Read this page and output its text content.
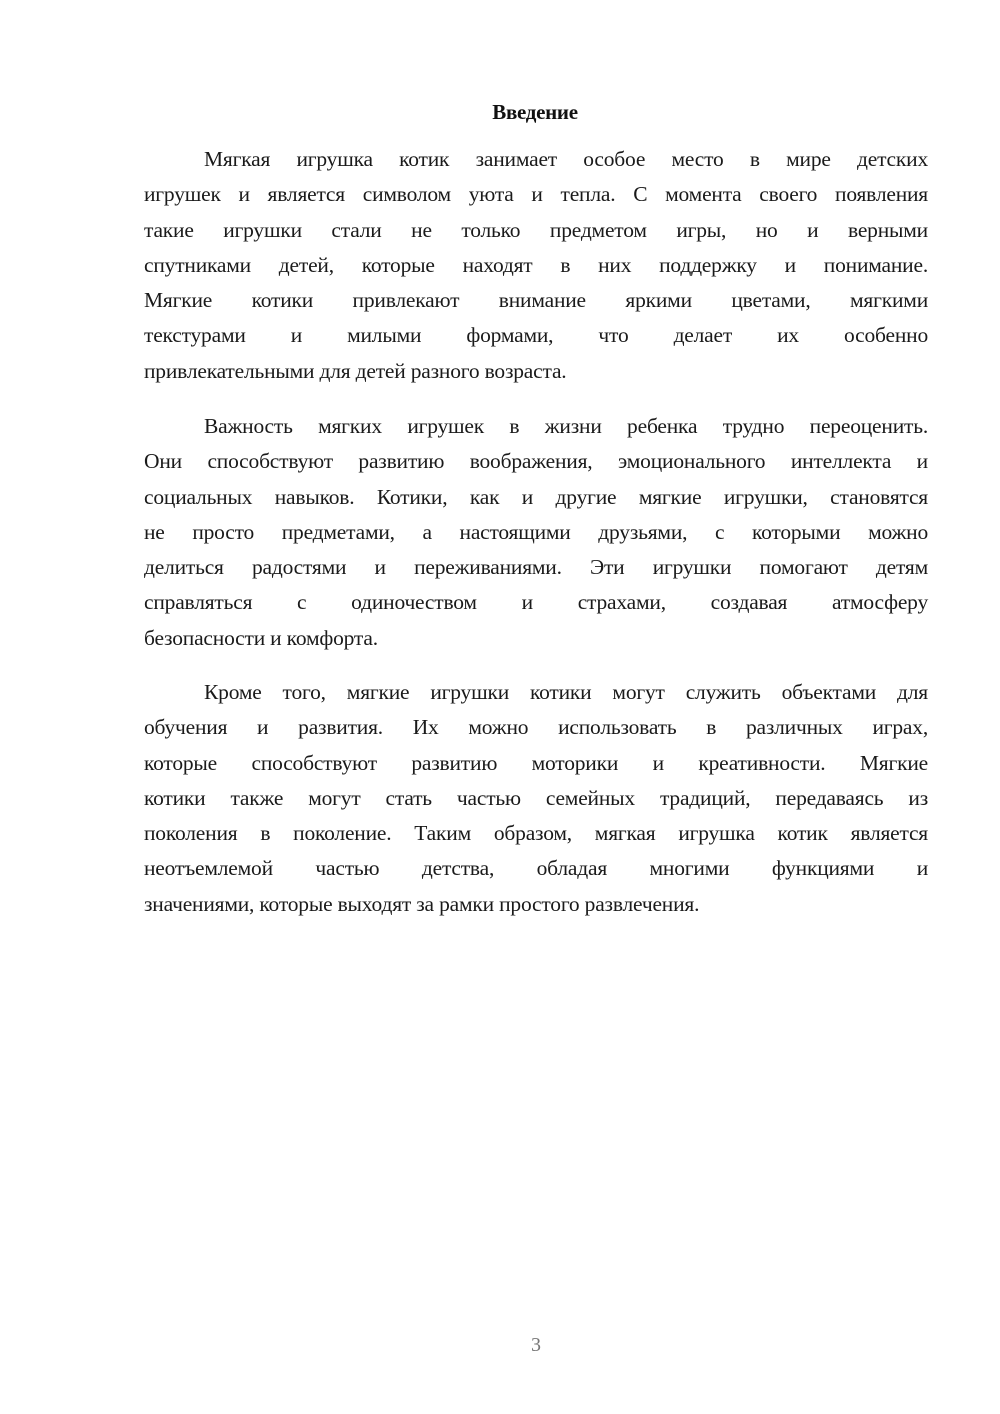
Введение
Мягкая игрушка котик занимает особое место в мире детских
игрушек и является символом уюта и тепла. С момента своего появления
такие игрушки стали не только предметом игры, но и верными
спутниками детей, которые находят в них поддержку и понимание.
Мягкие котики привлекают внимание яркими цветами, мягкими
текстурами и милыми формами, что делает их особенно
привлекательными для детей разного возраста.
Важность мягких игрушек в жизни ребенка трудно переоценить.
Они способствуют развитию воображения, эмоционального интеллекта и
социальных навыков. Котики, как и другие мягкие игрушки, становятся
не просто предметами, а настоящими друзьями, с которыми можно
делиться радостями и переживаниями. Эти игрушки помогают детям
справляться с одиночеством и страхами, создавая атмосферу
безопасности и комфорта.
Кроме того, мягкие игрушки котики могут служить объектами для
обучения и развития. Их можно использовать в различных играх,
которые способствуют развитию моторики и креативности. Мягкие
котики также могут стать частью семейных традиций, передаваясь из
поколения в поколение. Таким образом, мягкая игрушка котик является
неотъемлемой частью детства, обладая многими функциями и
значениями, которые выходят за рамки простого развлечения.
3
